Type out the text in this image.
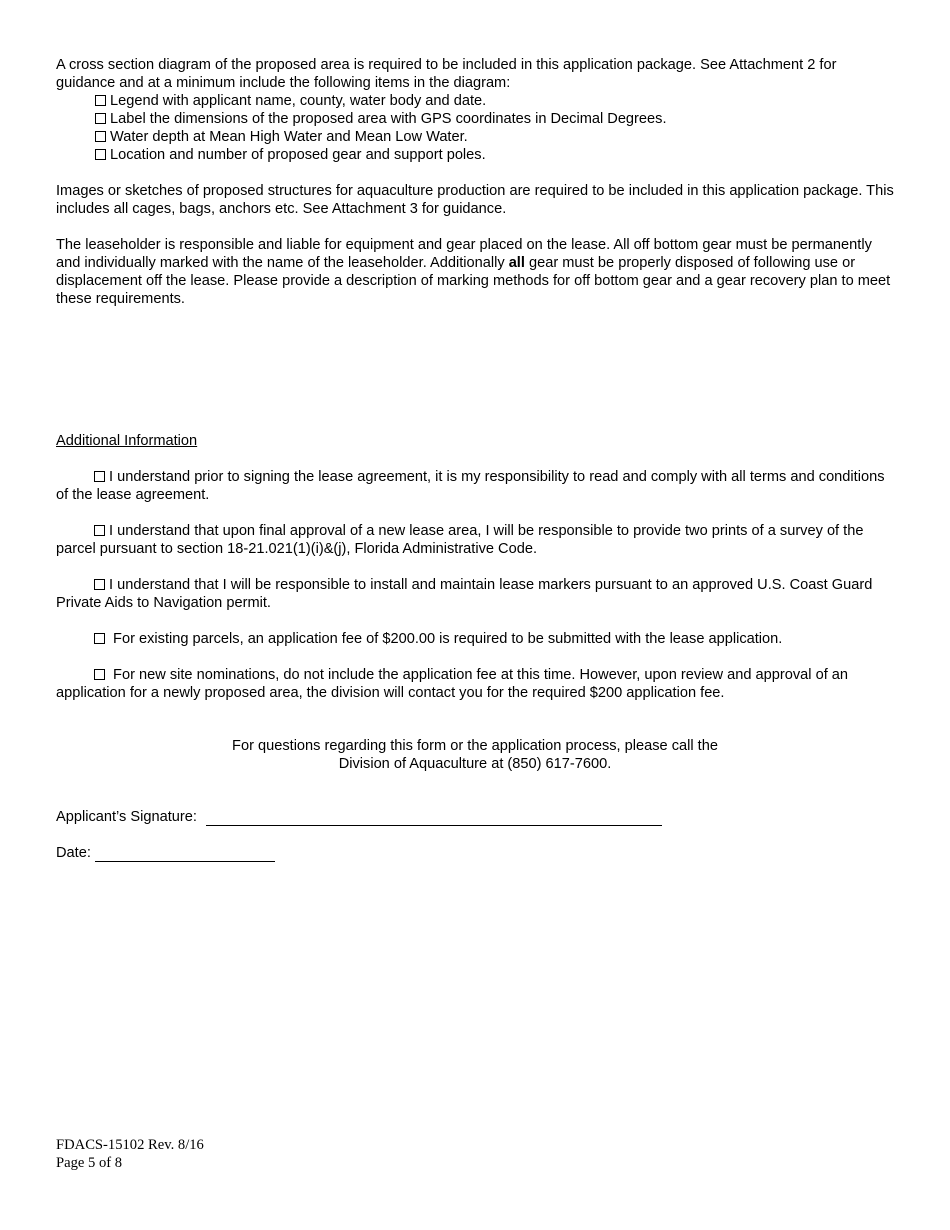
A cross section diagram of the proposed area is required to be included in this application package. See Attachment 2 for guidance and at a minimum include the following items in the diagram:

Legend with applicant name, county, water body and date.
Label the dimensions of the proposed area with GPS coordinates in Decimal Degrees.
Water depth at Mean High Water and Mean Low Water.
Location and number of proposed gear and support poles.

Images or sketches of proposed structures for aquaculture production are required to be included in this application package. This includes all cages, bags, anchors etc. See Attachment 3 for guidance.

The leaseholder is responsible and liable for equipment and gear placed on the lease. All off bottom gear must be permanently and individually marked with the name of the leaseholder. Additionally all gear must be properly disposed of following use or displacement off the lease. Please provide a description of marking methods for off bottom gear and a gear recovery plan to meet these requirements.

Additional Information

I understand prior to signing the lease agreement, it is my responsibility to read and comply with all terms and conditions of the lease agreement.

I understand that upon final approval of a new lease area, I will be responsible to provide two prints of a survey of the parcel pursuant to section 18-21.021(1)(i)&(j), Florida Administrative Code.

I understand that I will be responsible to install and maintain lease markers pursuant to an approved U.S. Coast Guard Private Aids to Navigation permit.

For existing parcels, an application fee of $200.00 is required to be submitted with the lease application.

For new site nominations, do not include the application fee at this time. However, upon review and approval of an application for a newly proposed area, the division will contact you for the required $200 application fee.

For questions regarding this form or the application process, please call the
Division of Aquaculture at (850) 617-7600.
Applicant’s Signature:
Date:
FDACS-15102 Rev. 8/16
Page 5 of 8
